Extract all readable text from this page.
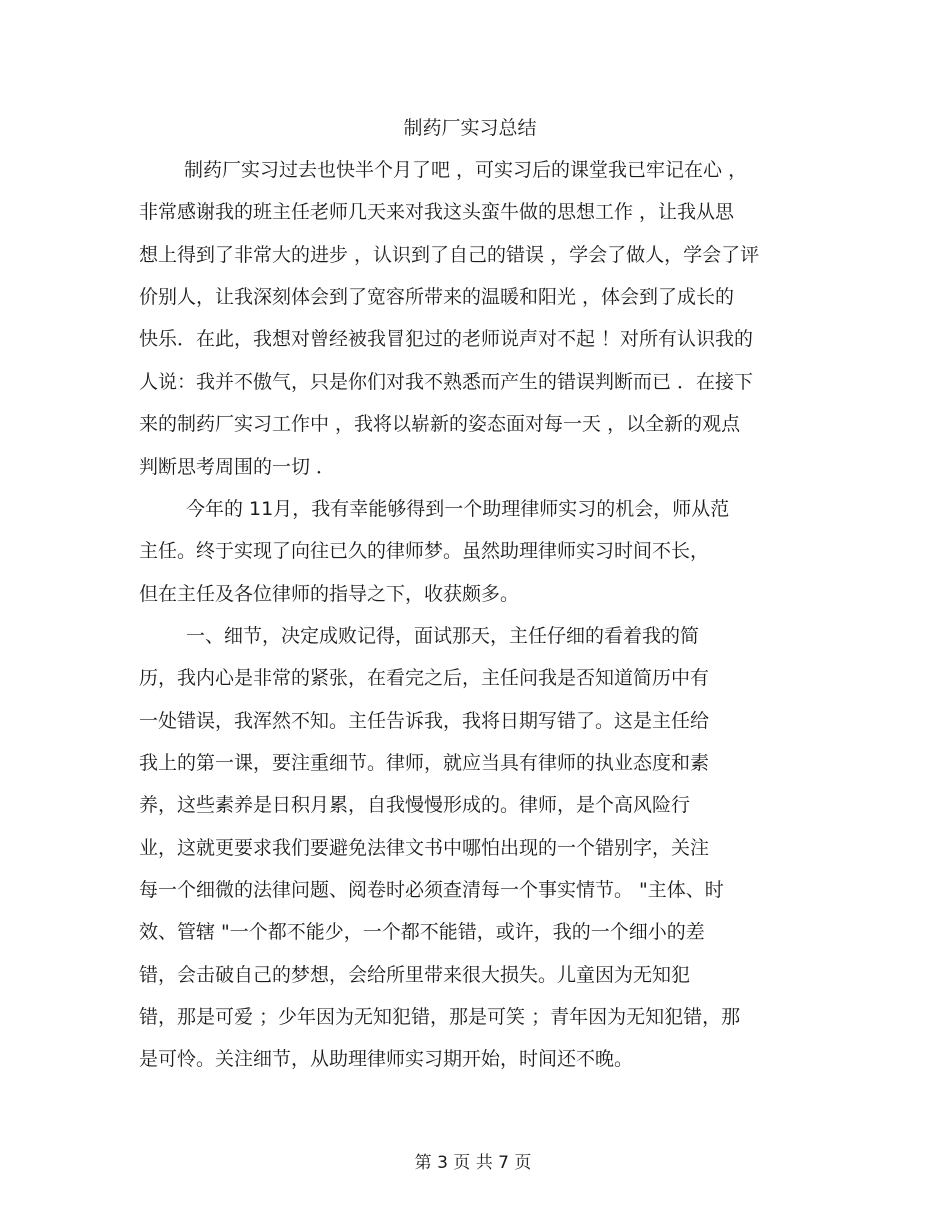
制药厂实习总结
制药厂实习过去也快半个月了吧 ，可实习后的课堂我已牢记在心 ，
非常感谢我的班主任老师几天来对我这头蛮牛做的思想工作 ，让我从思
想上得到了非常大的进步 ，认识到了自己的错误 ，学会了做人，学会了评
价别人，让我深刻体会到了宽容所带来的温暖和阳光 ，体会到了成长的
快乐．在此，我想对曾经被我冒犯过的老师说声对不起 ！对所有认识我的
人说：我并不傲气，只是你们对我不熟悉而产生的错误判断而已 ．在接下
来的制药厂实习工作中 ，我将以崭新的姿态面对每一天 ，以全新的观点
判断思考周围的一切 ．
今年的 11月，我有幸能够得到一个助理律师实习的机会，师从范
主任。终于实现了向往已久的律师梦。虽然助理律师实习时间不长，
但在主任及各位律师的指导之下，收获颇多。
一、细节，决定成败记得，面试那天，主任仔细的看着我的简
历，我内心是非常的紧张，在看完之后，主任问我是否知道简历中有
一处错误，我浑然不知。主任告诉我，我将日期写错了。这是主任给
我上的第一课，要注重细节。律师，就应当具有律师的执业态度和素
养，这些素养是日积月累，自我慢慢形成的。律师，是个高风险行
业，这就更要求我们要避免法律文书中哪怕出现的一个错别字，关注
每一个细微的法律问题、阅卷时必须查清每一个事实情节。 "主体、时
效、管辖 "一个都不能少，一个都不能错，或许，我的一个细小的差
错，会击破自己的梦想，会给所里带来很大损失。儿童因为无知犯
错，那是可爱 ；少年因为无知犯错，那是可笑 ；青年因为无知犯错，那
是可怜。关注细节，从助理律师实习期开始，时间还不晚。
第 3 页 共 7 页
